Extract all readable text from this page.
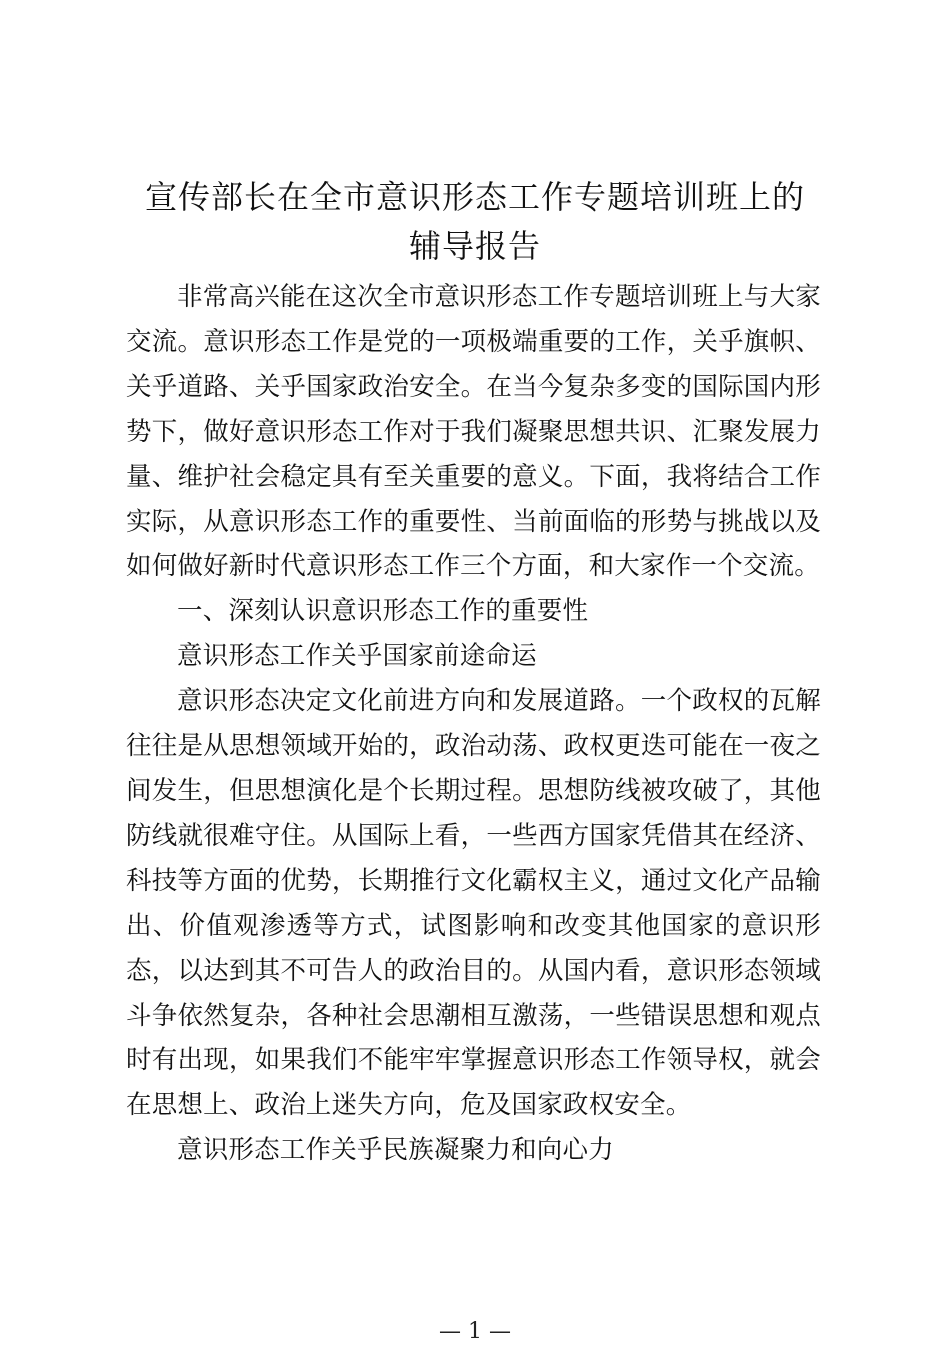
宣传部长在全市意识形态工作专题培训班上的
辅导报告

非常高兴能在这次全市意识形态工作专题培训班上与大家交流。意识形态工作是党的一项极端重要的工作，关乎旗帜、关乎道路、关乎国家政治安全。在当今复杂多变的国际国内形势下，做好意识形态工作对于我们凝聚思想共识、汇聚发展力量、维护社会稳定具有至关重要的意义。下面，我将结合工作实际，从意识形态工作的重要性、当前面临的形势与挑战以及如何做好新时代意识形态工作三个方面，和大家作一个交流。

一、深刻认识意识形态工作的重要性

意识形态工作关乎国家前途命运

意识形态决定文化前进方向和发展道路。一个政权的瓦解往往是从思想领域开始的，政治动荡、政权更迭可能在一夜之间发生，但思想演化是个长期过程。思想防线被攻破了，其他防线就很难守住。从国际上看，一些西方国家凭借其在经济、科技等方面的优势，长期推行文化霸权主义，通过文化产品输出、价值观渗透等方式，试图影响和改变其他国家的意识形态，以达到其不可告人的政治目的。从国内看，意识形态领域斗争依然复杂，各种社会思潮相互激荡，一些错误思想和观点时有出现，如果我们不能牢牢掌握意识形态工作领导权，就会在思想上、政治上迷失方向，危及国家政权安全。

意识形态工作关乎民族凝聚力和向心力

— 1 —
